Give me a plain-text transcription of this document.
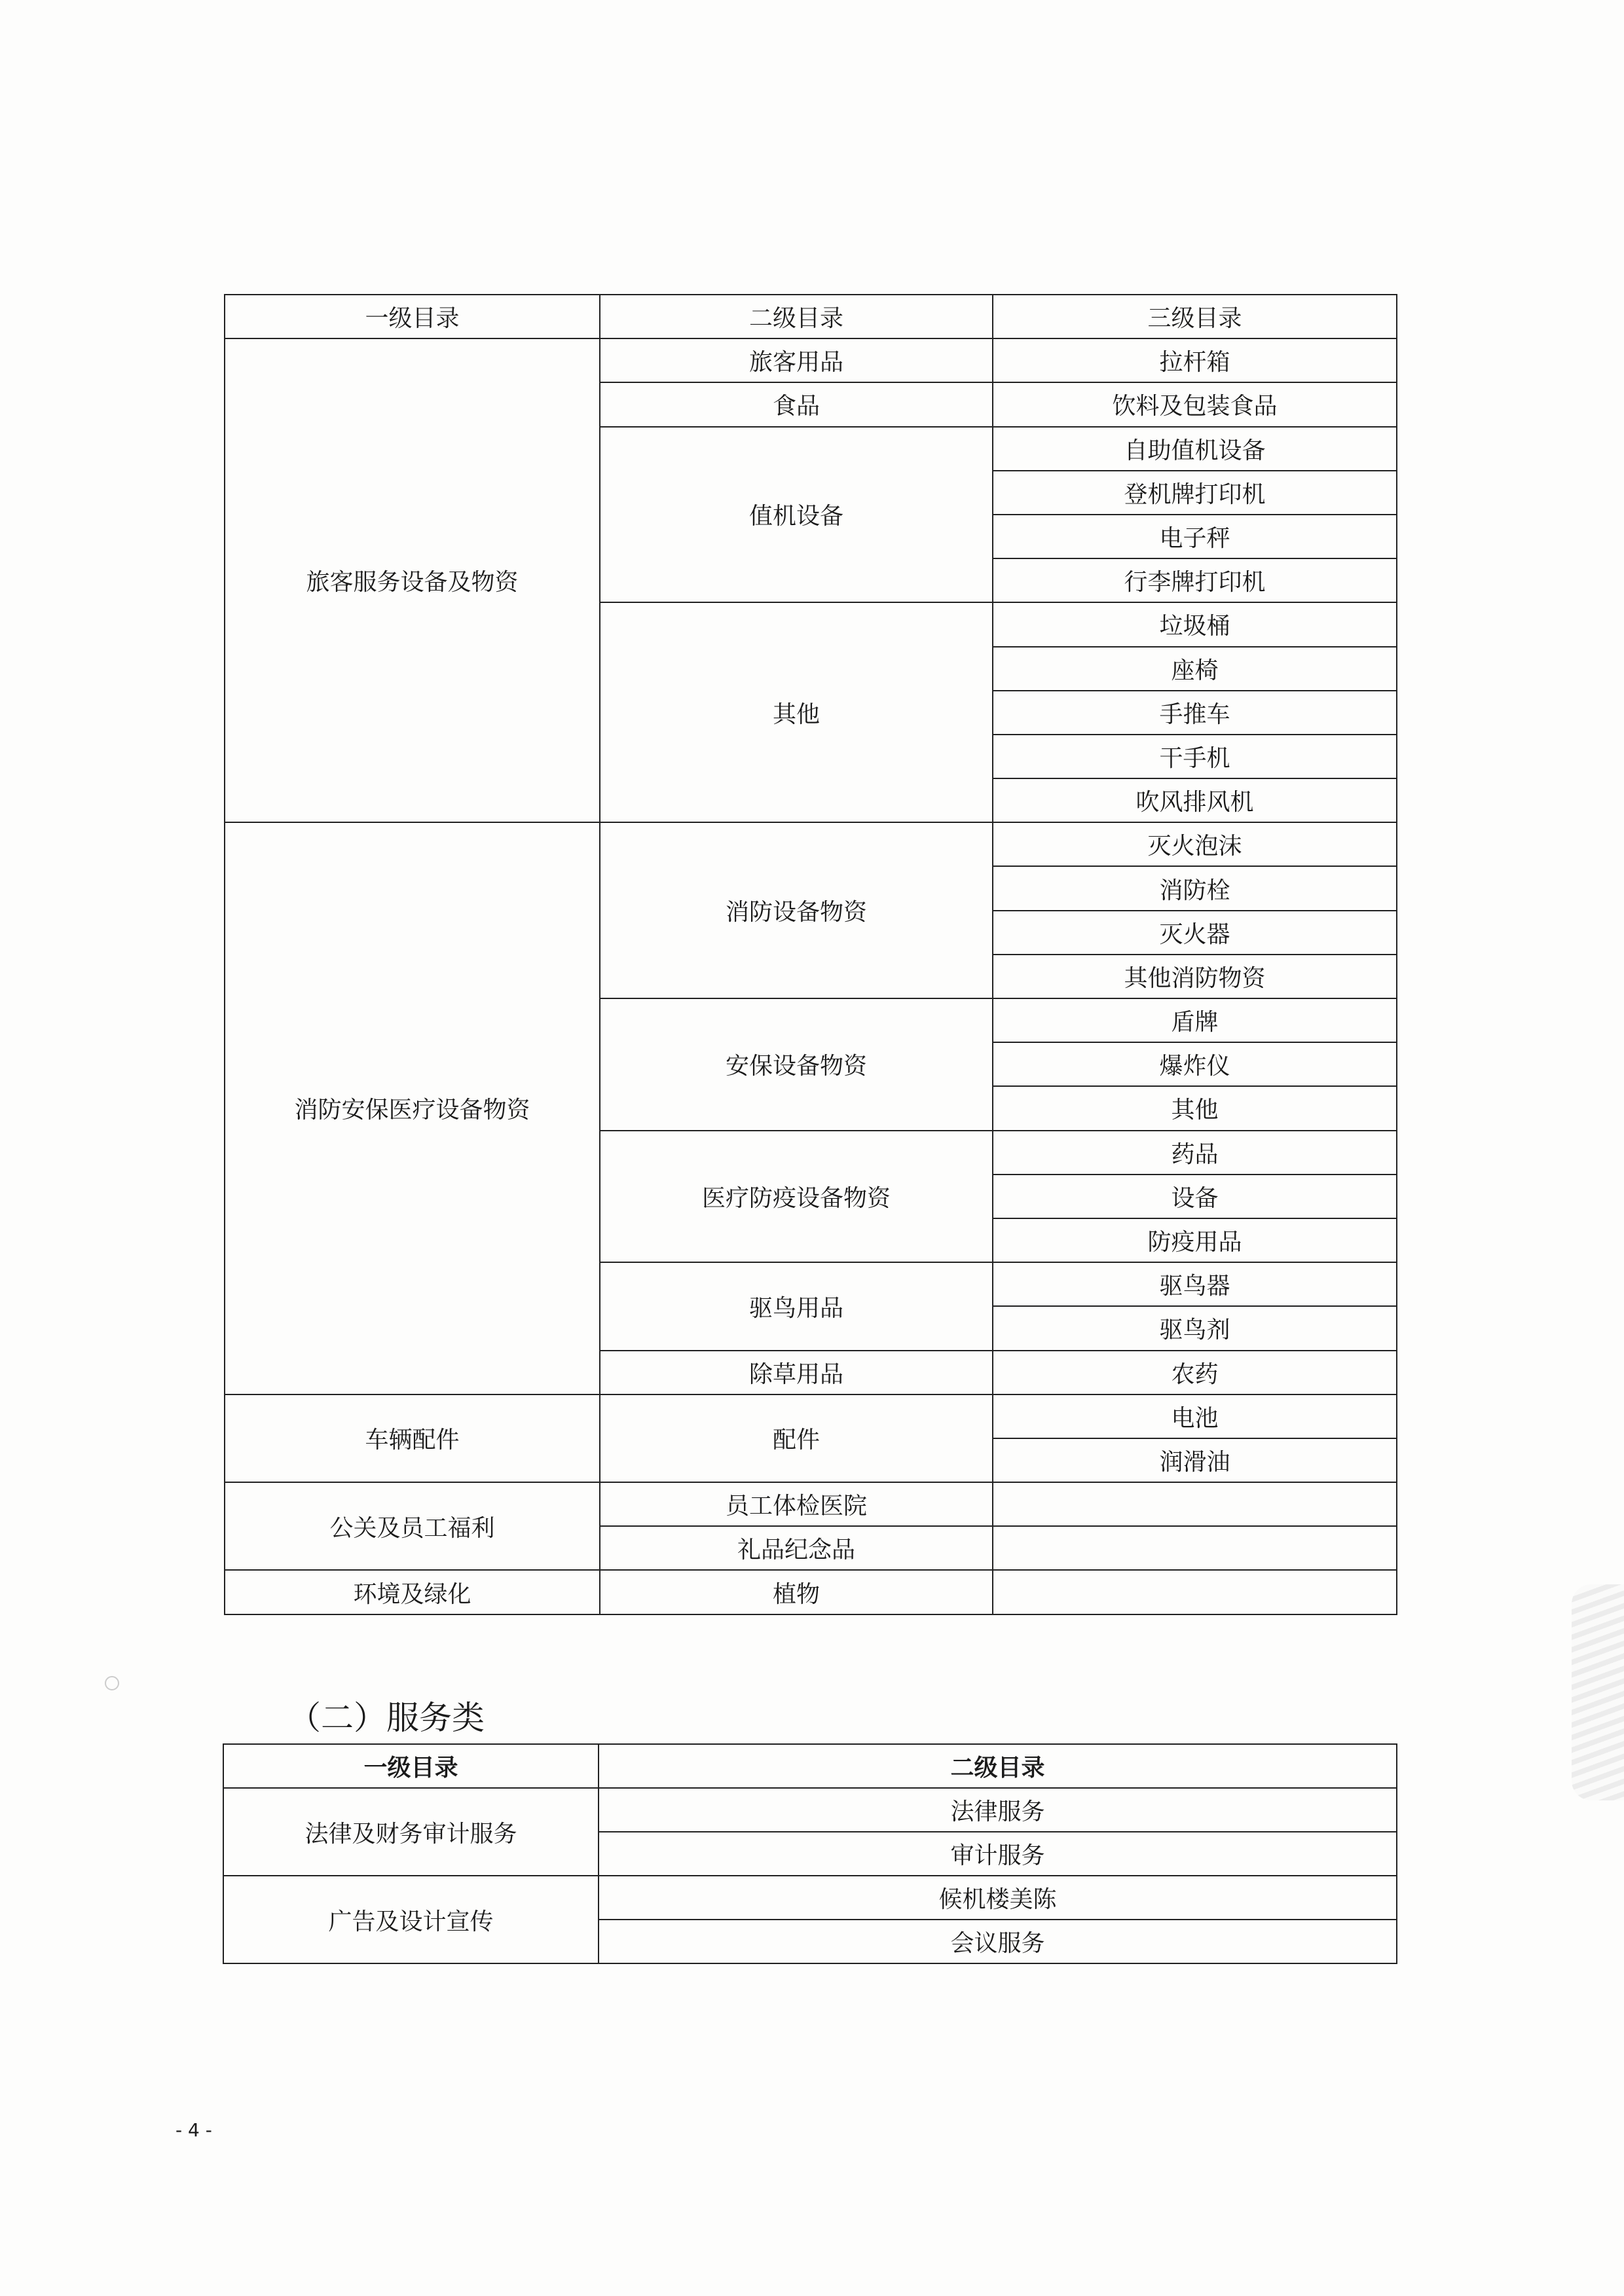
一级目录	二级目录	三级目录
旅客服务设备及物资	旅客用品	拉杆箱
	食品	饮料及包装食品
	值机设备	自助值机设备
		登机牌打印机
		电子秤
		行李牌打印机
	其他	垃圾桶
		座椅
		手推车
		干手机
		吹风排风机
消防安保医疗设备物资	消防设备物资	灭火泡沫
		消防栓
		灭火器
		其他消防物资
	安保设备物资	盾牌
		爆炸仪
		其他
	医疗防疫设备物资	药品
		设备
		防疫用品
	驱鸟用品	驱鸟器
		驱鸟剂
	除草用品	农药
车辆配件	配件	电池
		润滑油
公关及员工福利	员工体检医院	
	礼品纪念品	
环境及绿化	植物	
（二）服务类
一级目录	二级目录
法律及财务审计服务	法律服务
	审计服务
广告及设计宣传	候机楼美陈
	会议服务
- 4 -
